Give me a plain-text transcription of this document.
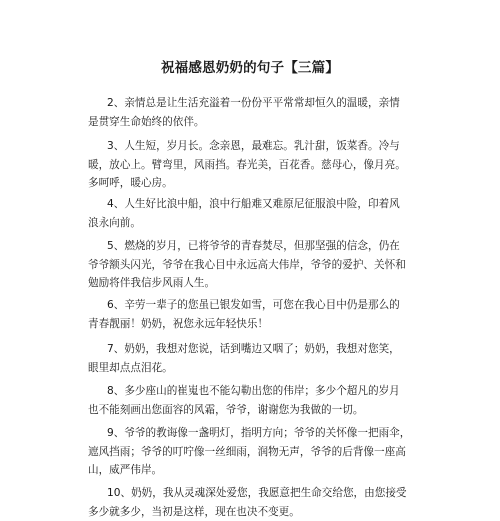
祝福感恩奶奶的句子【三篇】

2、亲情总是让生活充溢着一份份平平常常却恒久的温暖，亲情
是贯穿生命始终的依伴。

3、人生短，岁月长。念亲恩，最难忘。乳汁甜，饭菜香。冷与
暖，放心上。臂弯里，风雨挡。春光美，百花香。慈母心，像月亮。
多呵呼，暖心房。

4、人生好比浪中船，浪中行船难又难原尼征服浪中险，印着风
浪永向前。

5、燃烧的岁月，已将爷爷的青春焚尽，但那坚强的信念，仍在
爷爷额头闪光，爷爷在我心目中永远高大伟岸，爷爷的爱护、关怀和
勉励将伴我信步风雨人生。

6、辛劳一辈子的您虽已银发如雪，可您在我心目中仍是那么的
青春靓丽！奶奶，祝您永远年轻快乐！

7、奶奶，我想对您说，话到嘴边又咽了；奶奶，我想对您笑，
眼里却点点泪花。

8、多少座山的崔嵬也不能勾勒出您的伟岸；多少个超凡的岁月
也不能刻画出您面容的风霜，爷爷，谢谢您为我做的一切。

9、爷爷的教诲像一盏明灯，指明方向；爷爷的关怀像一把雨伞，
遮风挡雨；爷爷的叮咛像一丝细雨，润物无声，爷爷的后背像一座高
山，威严伟岸。

10、奶奶，我从灵魂深处爱您，我愿意把生命交给您，由您接受
多少就多少，当初是这样，现在也决不变更。
